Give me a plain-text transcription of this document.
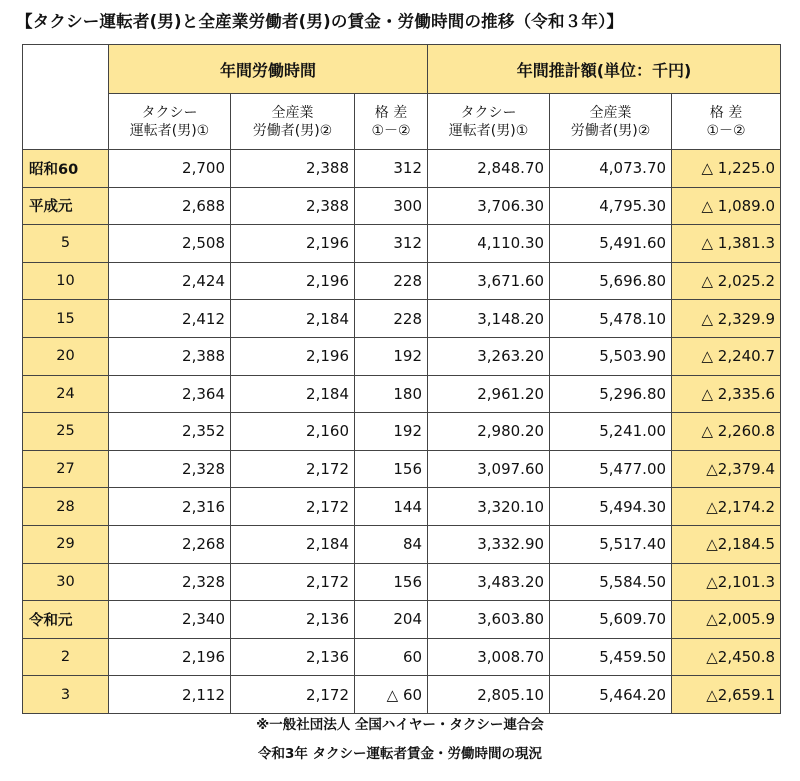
【タクシー運転者(男)と全産業労働者(男)の賃金・労働時間の推移（令和３年）】
	年間労働時間			年間推計額(単位：千円)		

	タクシー
運転者(男)①	全産業
労働者(男)②	格 差
①－②	タクシー
運転者(男)①	全産業
労働者(男)②	格 差
①－②

昭和60	2,700	2,388	312	2,848.70	4,073.70	△ 1,225.0
平成元	2,688	2,388	300	3,706.30	4,795.30	△ 1,089.0
5	2,508	2,196	312	4,110.30	5,491.60	△ 1,381.3
10	2,424	2,196	228	3,671.60	5,696.80	△ 2,025.2
15	2,412	2,184	228	3,148.20	5,478.10	△ 2,329.9
20	2,388	2,196	192	3,263.20	5,503.90	△ 2,240.7
24	2,364	2,184	180	2,961.20	5,296.80	△ 2,335.6
25	2,352	2,160	192	2,980.20	5,241.00	△ 2,260.8
27	2,328	2,172	156	3,097.60	5,477.00	△2,379.4
28	2,316	2,172	144	3,320.10	5,494.30	△2,174.2
29	2,268	2,184	84	3,332.90	5,517.40	△2,184.5
30	2,328	2,172	156	3,483.20	5,584.50	△2,101.3
令和元	2,340	2,136	204	3,603.80	5,609.70	△2,005.9
2	2,196	2,136	60	3,008.70	5,459.50	△2,450.8
3	2,112	2,172	△ 60	2,805.10	5,464.20	△2,659.1
※一般社団法人 全国ハイヤー・タクシー連合会
令和3年 タクシー運転者賃金・労働時間の現況
